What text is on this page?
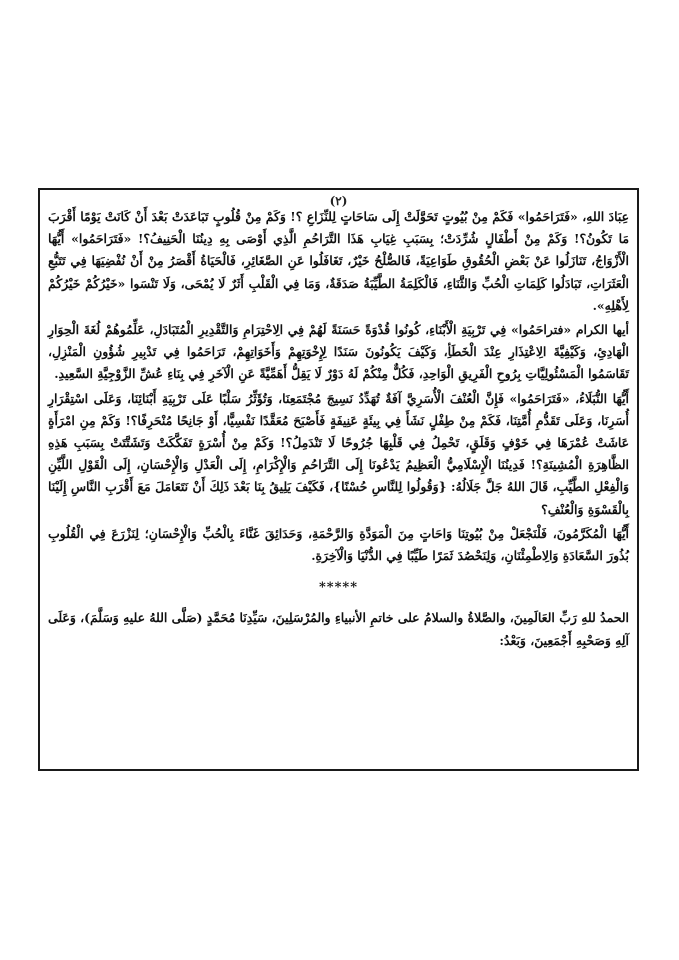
(٢)

عِبَادَ اللهِ، «فَتَرَاحَمُوا» فَكَمْ مِنْ بُيُوتٍ تَحَوَّلَتْ إِلَى سَاحَاتٍ لِلنِّزَاعِ ؟! وَكَمْ مِنْ قُلُوبٍ تَبَاعَدَتْ بَعْدَ أَنْ كَانَتْ يَوْمًا أَقْرَبَ مَا تَكُونُ؟! وَكَمْ مِنْ أَطْفَالٍ شُرِّدَتْ؛ بِسَبَبِ غِيَابِ هَذَا التَّرَاحُمِ الَّذِي أَوْصَى بِهِ دِينُنَا الْحَنِيفُ؟! «فَتَرَاحَمُوا» أَيُّهَا الْأَزْوَاجُ، تَنَازَلُوا عَنْ بَعْضِ الْحُقُوقِ طَوَاعِيَةً، فَالصُّلْحُ خَيْرٌ، تَغَافَلُوا عَنِ الصَّغَائِرِ، فَالْحَيَاةُ أَقْصَرُ مِنْ أَنْ نُفْضِيَهَا فِي تَتَبُّعِ الْعَثَرَاتِ، تَبَادَلُوا كَلِمَاتِ الْحُبِّ وَالثَّنَاءِ، فَالْكَلِمَةُ الطَّيِّبَةُ صَدَقَةٌ، وَمَا فِي الْقَلْبِ أَثَرٌ لَا يُمْحَى، وَلَا تَنْسَوا «خَيْرُكُمْ خَيْرُكُمْ لِأَهْلِهِ».

أيها الكرام «فتراحَمُوا» فِي تَرْبِيَةِ الْأَبْنَاءِ، كُونُوا قُدْوَةً حَسَنَةً لَهُمْ فِي الِاحْتِرَامِ وَالتَّقْدِيرِ الْمُتَبَادَلِ، عَلِّمُوهُمْ لُغَةَ الْحِوَارِ الْهَادِئِ، وَكَيْفِيَّةَ الِاعْتِذَارِ عِنْدَ الْخَطَأِ، وَكَيْفَ يَكُونُونَ سَنَدًا لِإِخْوَتِهِمْ وَأَخَوَاتِهِمْ، تَرَاحَمُوا فِي تَدْبِيرِ شُؤُونِ الْمَنْزِلِ، تَقَاسَمُوا الْمَسْئُولِيَّاتِ بِرُوحِ الْفَرِيقِ الْوَاحِدِ، فَكُلٌّ مِنْكُمْ لَهُ دَوْرٌ لَا يَقِلُّ أَهَمِّيَّةً عَنِ الْآخَرِ فِي بِنَاءِ عُشِّ الزَّوْجِيَّةِ السَّعِيدِ.

أَيُّهَا النُّبَلَاءُ، «فَتَرَاحَمُوا» فَإِنَّ الْعُنْفَ الْأُسَرِيَّ آفَةٌ تُهَدِّدُ نَسِيجَ مُجْتَمَعِنَا، وَتُؤَثِّرُ سَلْبًا عَلَى تَرْبِيَةِ أَبْنَائِنَا، وَعَلَى اسْتِقْرَارِ أُسَرِنَا، وَعَلَى تَقَدُّمِ أُمَّتِنَا، فَكَمْ مِنْ طِفْلٍ نَشَأَ فِي بِيئَةٍ عَنِيفَةٍ فَأَصْبَحَ مُعَقَّدًا نَفْسِيًّا، أَوْ جَانِحًا مُنْحَرِفًا؟! وَكَمْ مِنِ امْرَأَةٍ عَاشَتْ عُمْرَهَا فِي خَوْفٍ وَقَلَقٍ، تَحْمِلُ فِي قَلْبِهَا جُرُوحًا لَا تَنْدَمِلُ؟! وَكَمْ مِنْ أُسْرَةٍ تَفَكَّكَتْ وَتَشَتَّتَتْ بِسَبَبِ هَذِهِ الظَّاهِرَةِ الْمُشِينَةِ؟! فَدِينُنَا الْإِسْلَامِيُّ الْعَظِيمُ يَدْعُونَا إِلَى التَّرَاحُمِ وَالْإِكْرَامِ، إِلَى الْعَدْلِ وَالْإِحْسَانِ، إِلَى الْقَوْلِ اللَّيِّنِ وَالْفِعْلِ الطَّيِّبِ، قَالَ اللهُ جَلَّ جَلَالُهُ: {وَقُولُوا لِلنَّاسِ حُسْنًا}، فَكَيْفَ يَلِيقُ بِنَا بَعْدَ ذَلِكَ أَنْ نَتَعَامَلَ مَعَ أَقْرَبِ النَّاسِ إِلَيْنَا بِالْقَسْوَةِ وَالْعُنْفِ؟

أَيُّهَا الْمُكَرَّمُونَ، فَلْنَجْعَلْ مِنْ بُيُوتِنَا وَاحَاتٍ مِنَ الْمَوَدَّةِ وَالرَّحْمَةِ، وَحَدَائِقَ غَنَّاءَ بِالْحُبِّ وَالْإِحْسَانِ؛ لِنَزْرَعَ فِي الْقُلُوبِ بُذُورَ السَّعَادَةِ وَالِاطْمِئْنَانِ، وَلِنَحْصُدَ ثَمَرًا طَيِّبًا فِي الدُّنْيَا وَالْآخِرَةِ.

*****

الحمدُ للهِ رَبِّ العَالَمِينَ، والصَّلاةُ والسلامُ على خاتمِ الأنبياءِ والمُرْسَلِينَ، سَيِّدِنَا مُحَمَّدٍ (صَلَّى اللهُ عليهِ وَسَلَّمَ)، وَعَلَى آلِهِ وَصَحْبِهِ أَجْمَعِينَ، وَبَعْدُ:
